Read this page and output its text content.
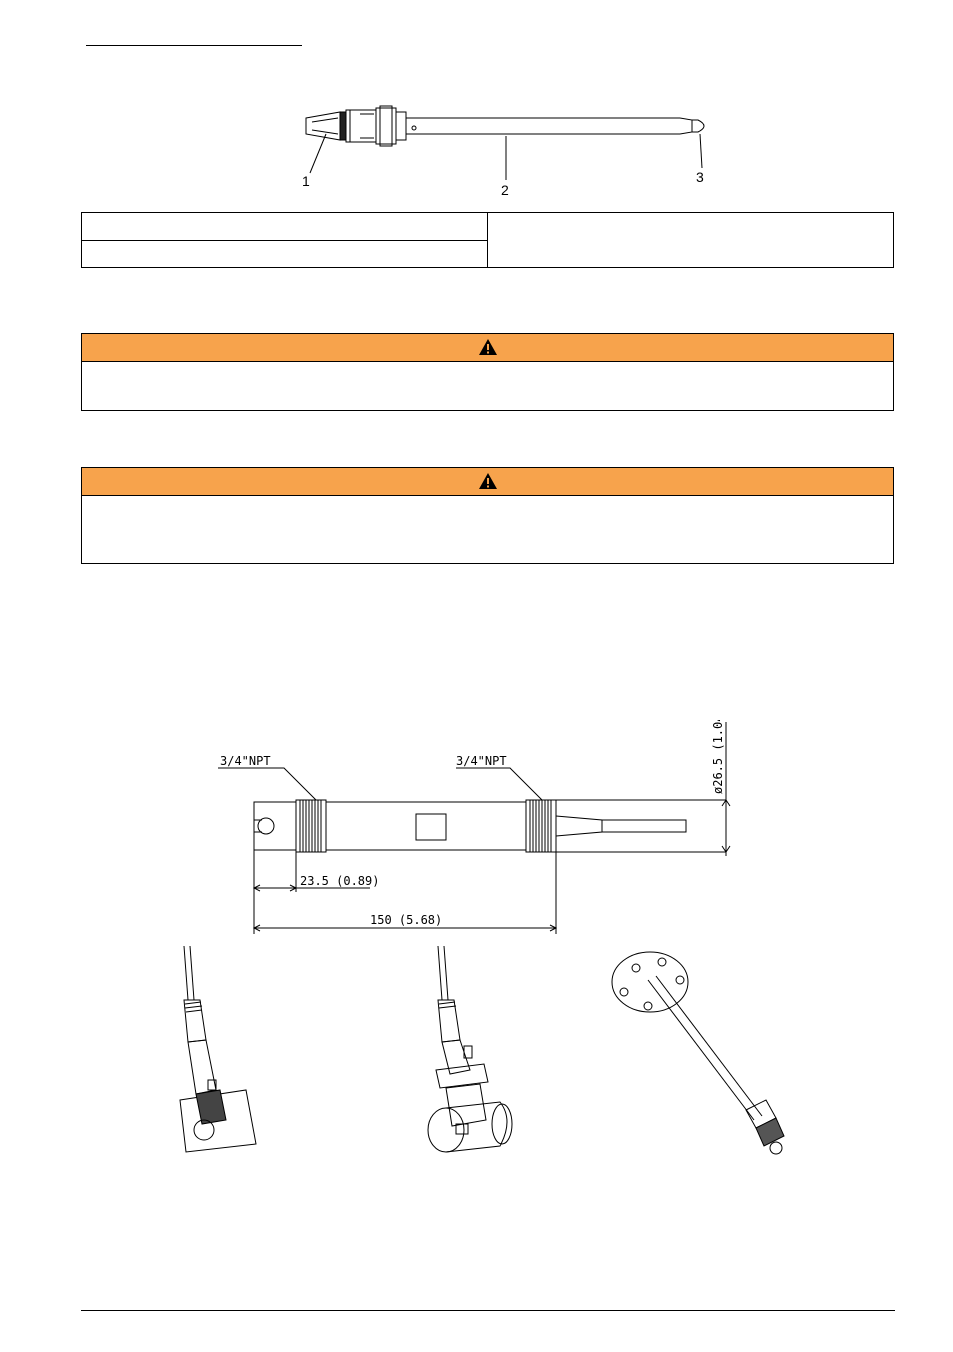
1
2
3
3/4"NPT	3/4"NPT
23.5 (0.89)
150 (5.68)
ø26.5 (1.04)
